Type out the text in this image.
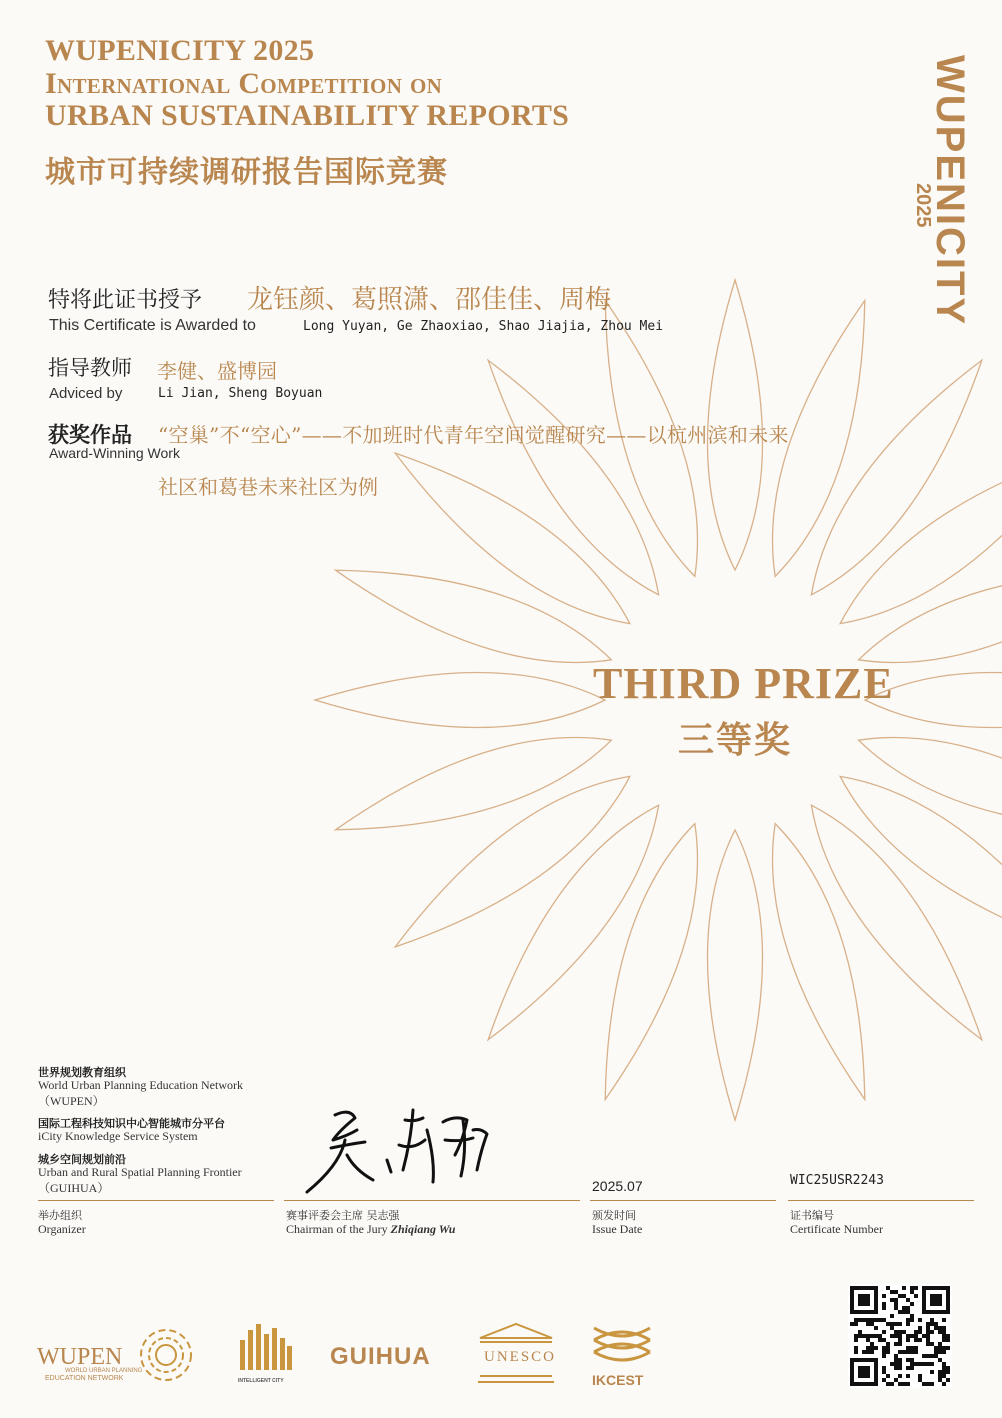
WUPENICITY 2025
International Competition on
URBAN SUSTAINABILITY REPORTS
城市可持续调研报告国际竞赛	WUPENICITY
2025
特将此证书授予 龙钰颜、葛照潇、邵佳佳、周梅
This Certificate is Awarded to	Long Yuyan, Ge Zhaoxiao, Shao Jiajia, Zhou Mei
指导教师 李健、盛博园
Adviced by	Li Jian, Sheng Boyuan
获奖作品 “空巢”不“空心”——不加班时代青年空间觉醒研究——以杭州滨和未来
Award-Winning Work
社区和葛巷未来社区为例
THIRD PRIZE
三等奖
世界规划教育组织
World Urban Planning Education Network
（WUPEN）
国际工程科技知识中心智能城市分平台
iCity Knowledge Service System
城乡空间规划前沿
Urban and Rural Spatial Planning Frontier
（GUIHUA）
举办组织
Organizer
赛事评委会主席 吴志强
Chairman of the Jury Zhiqiang Wu
2025.07
颁发时间
Issue Date
WIC25USR2243
证书编号
Certificate Number
WUPEN
WORLD URBAN PLANNING
EDUCATION NETWORK	INTELLIGENT CITY
GUIHUA	UNESCO
IKCEST
